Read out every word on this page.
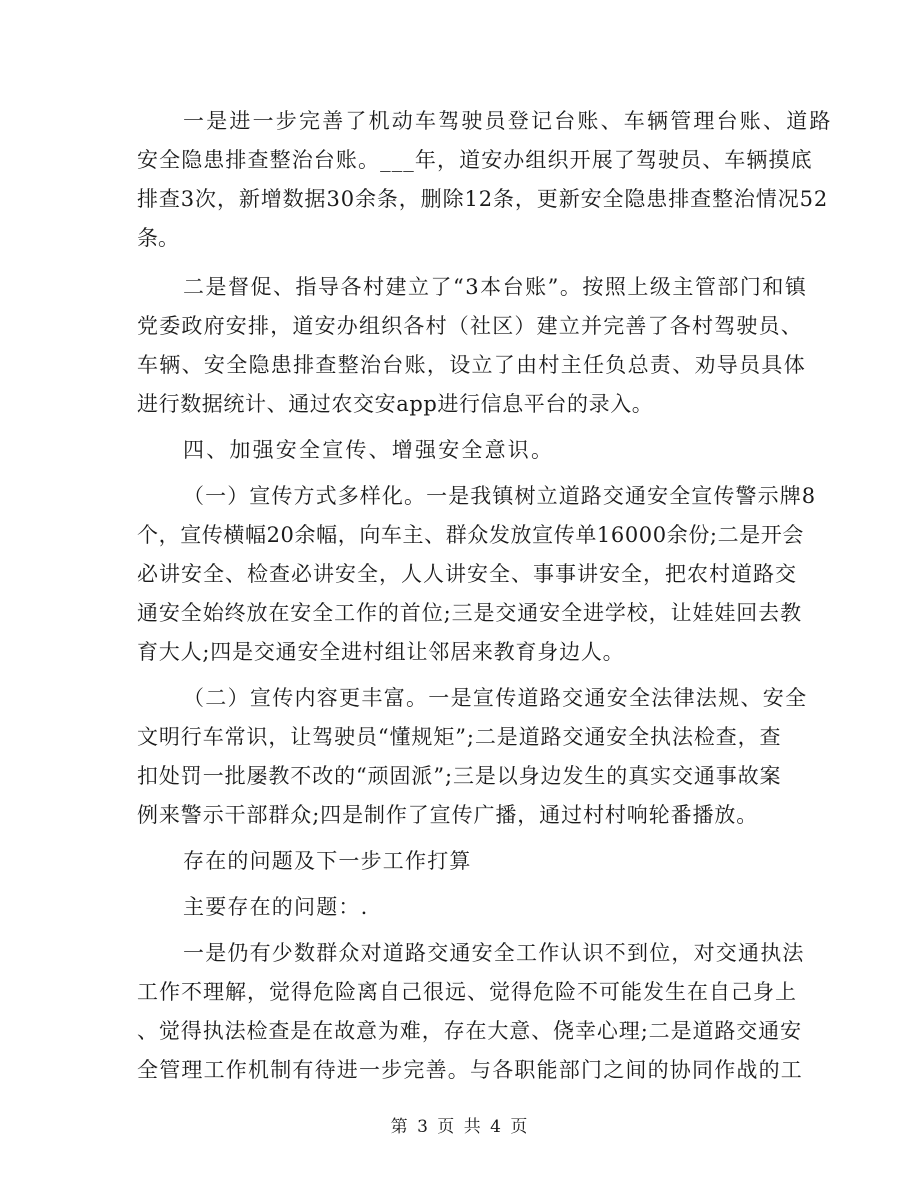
一是进一步完善了机动车驾驶员登记台账、车辆管理台账、道路

安全隐患排查整治台账。___年，道安办组织开展了驾驶员、车辆摸底

排查3次，新增数据30余条，删除12条，更新安全隐患排查整治情况52

条。

二是督促、指导各村建立了“3本台账”。按照上级主管部门和镇

党委政府安排，道安办组织各村（社区）建立并完善了各村驾驶员、

车辆、安全隐患排查整治台账，设立了由村主任负总责、劝导员具体

进行数据统计、通过农交安app进行信息平台的录入。

四、加强安全宣传、增强安全意识。

（一）宣传方式多样化。一是我镇树立道路交通安全宣传警示牌8

个，宣传横幅20余幅，向车主、群众发放宣传单16000余份;二是开会

必讲安全、检查必讲安全，人人讲安全、事事讲安全，把农村道路交

通安全始终放在安全工作的首位;三是交通安全进学校，让娃娃回去教

育大人;四是交通安全进村组让邻居来教育身边人。

（二）宣传内容更丰富。一是宣传道路交通安全法律法规、安全

文明行车常识，让驾驶员“懂规矩”;二是道路交通安全执法检查，查

扣处罚一批屡教不改的“顽固派”;三是以身边发生的真实交通事故案

例来警示干部群众;四是制作了宣传广播，通过村村响轮番播放。

存在的问题及下一步工作打算

主要存在的问题：.

一是仍有少数群众对道路交通安全工作认识不到位，对交通执法

工作不理解，觉得危险离自己很远、觉得危险不可能发生在自己身上

、觉得执法检查是在故意为难，存在大意、侥幸心理;二是道路交通安

全管理工作机制有待进一步完善。与各职能部门之间的协同作战的工

第 3 页 共 4 页
